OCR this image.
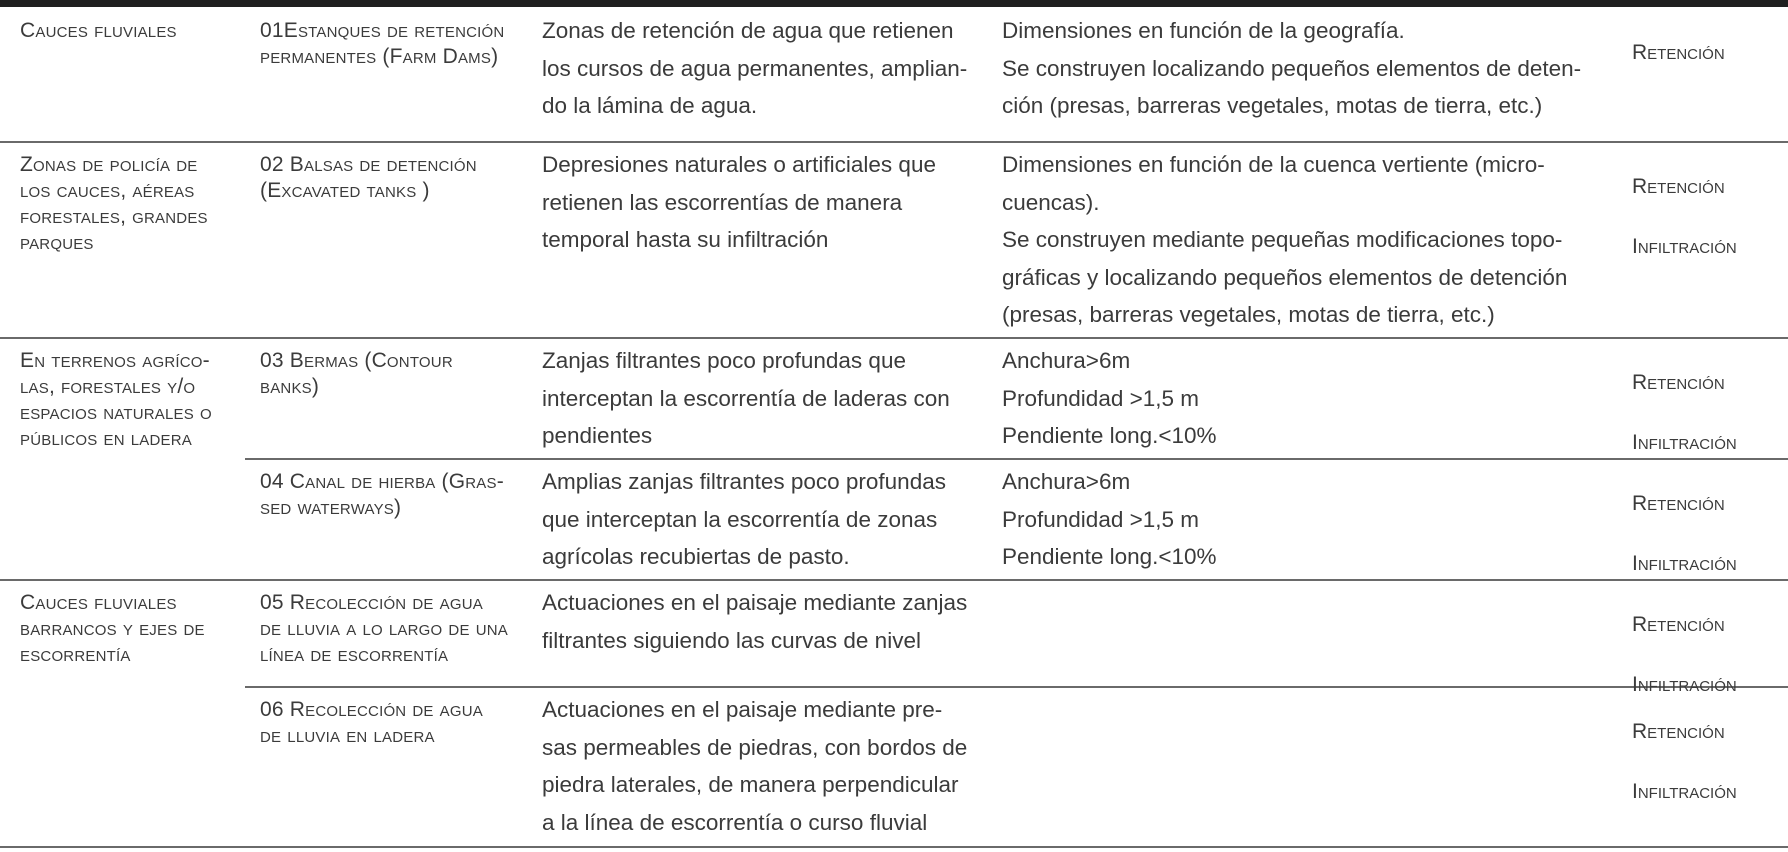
Cauces fluviales	01Estanques de retención
permanentes (Farm Dams)
Zonas de retención de agua que retienen
los cursos de agua permanentes, amplian-
do la lámina de agua.
Dimensiones en función de la geografía.
Se construyen localizando pequeños elementos de deten-
ción (presas, barreras vegetales, motas de tierra, etc.)
Retención
Zonas de policía de
los cauces, aéreas
forestales, grandes
parques
02 Balsas de detención
(Excavated tanks )
Depresiones naturales o artificiales que
retienen las escorrentías de manera
temporal hasta su infiltración
Dimensiones en función de la cuenca vertiente (micro-
cuencas).
Se construyen mediante pequeñas modificaciones topo-
gráficas y localizando pequeños elementos de detención
(presas, barreras vegetales, motas de tierra, etc.)
Retención
Infiltración
En terrenos agríco-
las, forestales y/o
espacios naturales o
públicos en ladera
03 Bermas (Contour
banks)
Zanjas filtrantes poco profundas que
interceptan la escorrentía de laderas con
pendientes
Anchura>6m
Profundidad >1,5 m
Pendiente long.<10%
Retención
Infiltración
04 Canal de hierba (Gras-
sed waterways)
Amplias zanjas filtrantes poco profundas
que interceptan la escorrentía de zonas
agrícolas recubiertas de pasto.
Anchura>6m
Profundidad >1,5 m
Pendiente long.<10%
Retención
Infiltración
Cauces fluviales
barrancos y ejes de
escorrentía
05 Recolección de agua
de lluvia a lo largo de una
línea de escorrentía
Actuaciones en el paisaje mediante zanjas
filtrantes siguiendo las curvas de nivel
Retención
Infiltración
06 Recolección de agua
de lluvia en ladera
Actuaciones en el paisaje mediante pre-
sas permeables de piedras, con bordos de
piedra laterales, de manera perpendicular
a la línea de escorrentía o curso fluvial
Retención
Infiltración
